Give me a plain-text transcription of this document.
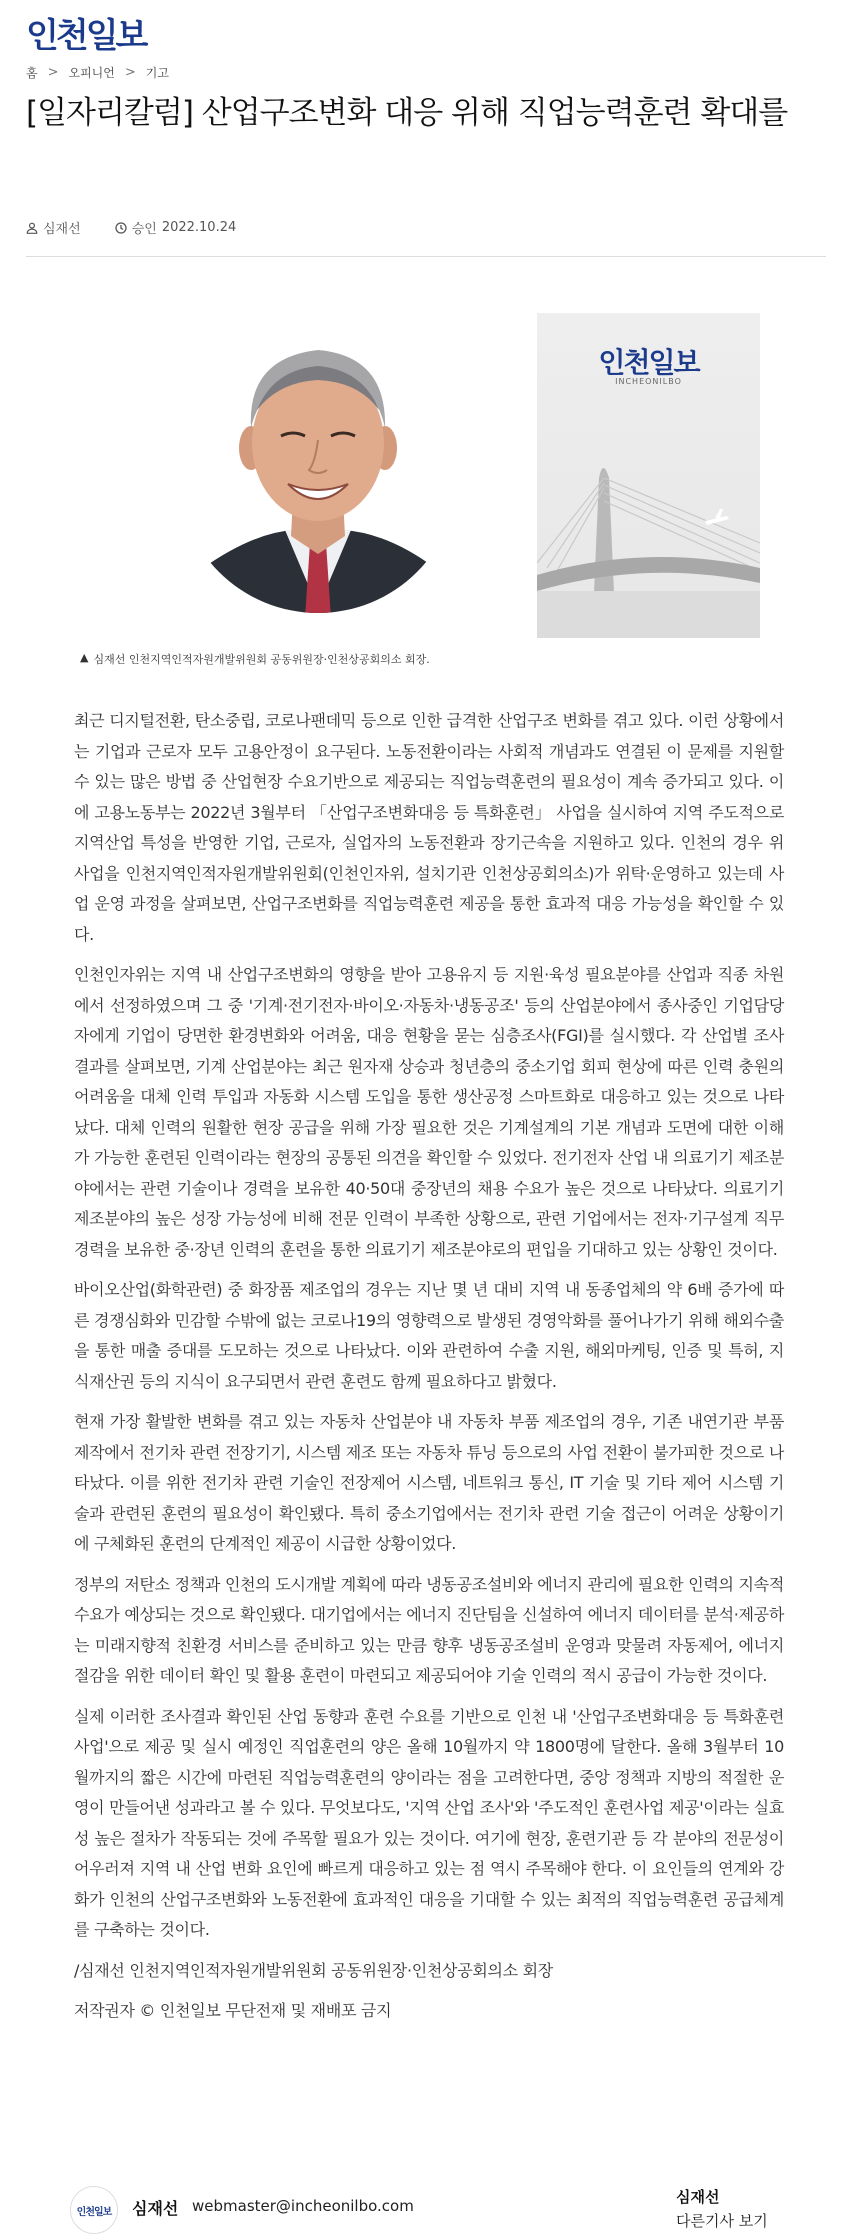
인천일보
홈 > 오피니언 > 기고
[일자리칼럼] 산업구조변화 대응 위해 직업능력훈련 확대를
심재선	승인 2022.10.24
인천일보
INCHEONILBO
▲ 심재선 인천지역인적자원개발위원회 공동위원장·인천상공회의소 회장.

최근 디지털전환, 탄소중립, 코로나팬데믹 등으로 인한 급격한 산업구조 변화를 겪고 있다. 이런 상황에서는 기업과 근로자 모두 고용안정이 요구된다. 노동전환이라는 사회적 개념과도 연결된 이 문제를 지원할 수 있는 많은 방법 중 산업현장 수요기반으로 제공되는 직업능력훈련의 필요성이 계속 증가되고 있다. 이에 고용노동부는 2022년 3월부터 「산업구조변화대응 등 특화훈련」 사업을 실시하여 지역 주도적으로 지역산업 특성을 반영한 기업, 근로자, 실업자의 노동전환과 장기근속을 지원하고 있다. 인천의 경우 위 사업을 인천지역인적자원개발위원회(인천인자위, 설치기관 인천상공회의소)가 위탁·운영하고 있는데 사업 운영 과정을 살펴보면, 산업구조변화를 직업능력훈련 제공을 통한 효과적 대응 가능성을 확인할 수 있다.

인천인자위는 지역 내 산업구조변화의 영향을 받아 고용유지 등 지원·육성 필요분야를 산업과 직종 차원에서 선정하였으며 그 중 '기계·전기전자·바이오·자동차·냉동공조' 등의 산업분야에서 종사중인 기업담당자에게 기업이 당면한 환경변화와 어려움, 대응 현황을 묻는 심층조사(FGI)를 실시했다. 각 산업별 조사결과를 살펴보면, 기계 산업분야는 최근 원자재 상승과 청년층의 중소기업 회피 현상에 따른 인력 충원의 어려움을 대체 인력 투입과 자동화 시스템 도입을 통한 생산공정 스마트화로 대응하고 있는 것으로 나타났다. 대체 인력의 원활한 현장 공급을 위해 가장 필요한 것은 기계설계의 기본 개념과 도면에 대한 이해가 가능한 훈련된 인력이라는 현장의 공통된 의견을 확인할 수 있었다. 전기전자 산업 내 의료기기 제조분야에서는 관련 기술이나 경력을 보유한 40·50대 중장년의 채용 수요가 높은 것으로 나타났다. 의료기기 제조분야의 높은 성장 가능성에 비해 전문 인력이 부족한 상황으로, 관련 기업에서는 전자·기구설계 직무경력을 보유한 중·장년 인력의 훈련을 통한 의료기기 제조분야로의 편입을 기대하고 있는 상황인 것이다.

바이오산업(화학관련) 중 화장품 제조업의 경우는 지난 몇 년 대비 지역 내 동종업체의 약 6배 증가에 따른 경쟁심화와 민감할 수밖에 없는 코로나19의 영향력으로 발생된 경영악화를 풀어나가기 위해 해외수출을 통한 매출 증대를 도모하는 것으로 나타났다. 이와 관련하여 수출 지원, 해외마케팅, 인증 및 특허, 지식재산권 등의 지식이 요구되면서 관련 훈련도 함께 필요하다고 밝혔다.

현재 가장 활발한 변화를 겪고 있는 자동차 산업분야 내 자동차 부품 제조업의 경우, 기존 내연기관 부품 제작에서 전기차 관련 전장기기, 시스템 제조 또는 자동차 튜닝 등으로의 사업 전환이 불가피한 것으로 나타났다. 이를 위한 전기차 관련 기술인 전장제어 시스템, 네트워크 통신, IT 기술 및 기타 제어 시스템 기술과 관련된 훈련의 필요성이 확인됐다. 특히 중소기업에서는 전기차 관련 기술 접근이 어려운 상황이기에 구체화된 훈련의 단계적인 제공이 시급한 상황이었다.

정부의 저탄소 정책과 인천의 도시개발 계획에 따라 냉동공조설비와 에너지 관리에 필요한 인력의 지속적 수요가 예상되는 것으로 확인됐다. 대기업에서는 에너지 진단팀을 신설하여 에너지 데이터를 분석·제공하는 미래지향적 친환경 서비스를 준비하고 있는 만큼 향후 냉동공조설비 운영과 맞물려 자동제어, 에너지 절감을 위한 데이터 확인 및 활용 훈련이 마련되고 제공되어야 기술 인력의 적시 공급이 가능한 것이다.

실제 이러한 조사결과 확인된 산업 동향과 훈련 수요를 기반으로 인천 내 '산업구조변화대응 등 특화훈련사업'으로 제공 및 실시 예정인 직업훈련의 양은 올해 10월까지 약 1800명에 달한다. 올해 3월부터 10월까지의 짧은 시간에 마련된 직업능력훈련의 양이라는 점을 고려한다면, 중앙 정책과 지방의 적절한 운영이 만들어낸 성과라고 볼 수 있다. 무엇보다도, '지역 산업 조사'와 '주도적인 훈련사업 제공'이라는 실효성 높은 절차가 작동되는 것에 주목할 필요가 있는 것이다. 여기에 현장, 훈련기관 등 각 분야의 전문성이 어우러져 지역 내 산업 변화 요인에 빠르게 대응하고 있는 점 역시 주목해야 한다. 이 요인들의 연계와 강화가 인천의 산업구조변화와 노동전환에 효과적인 대응을 기대할 수 있는 최적의 직업능력훈련 공급체계를 구축하는 것이다.

/심재선 인천지역인적자원개발위원회 공동위원장·인천상공회의소 회장

저작권자 © 인천일보 무단전재 및 재배포 금지

인천일보	심재선 webmaster@incheonilbo.com	심재선
다른기사 보기
